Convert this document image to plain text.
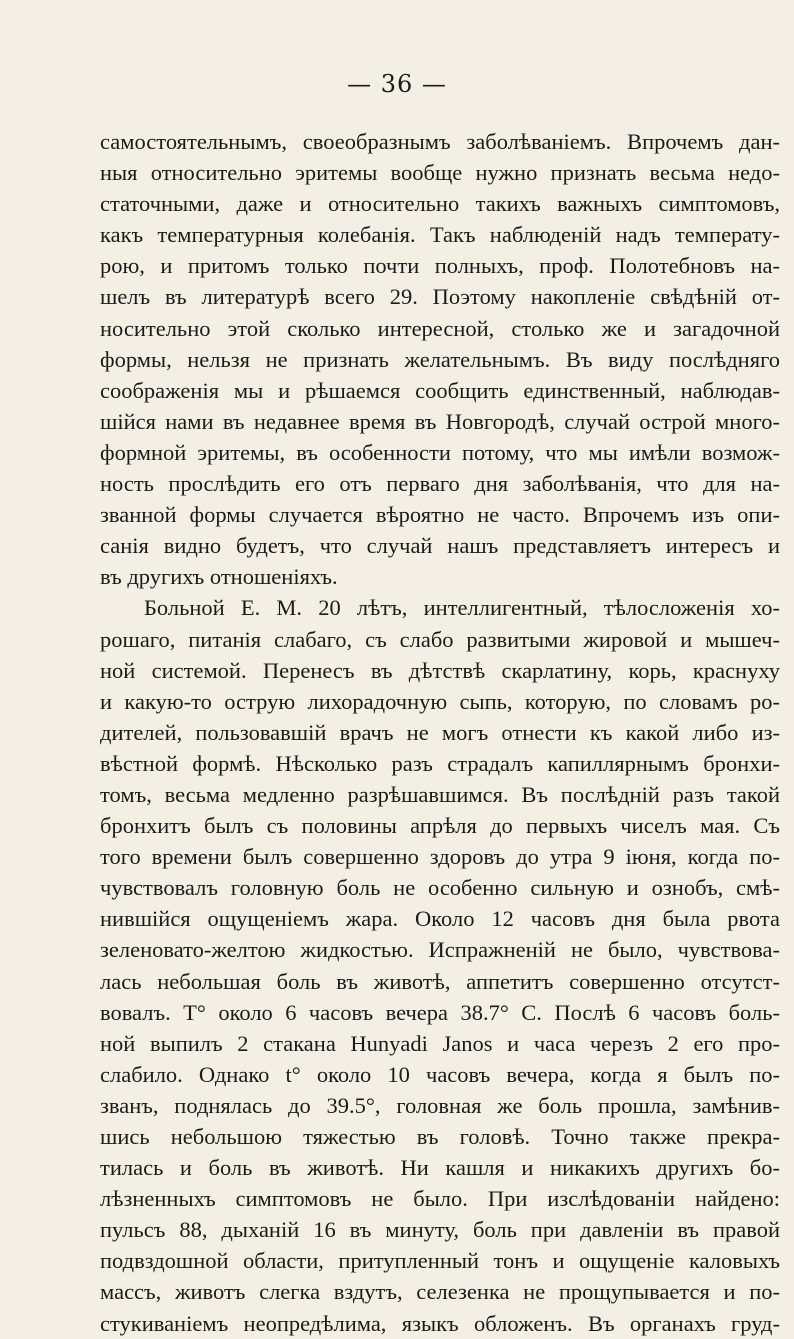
— 36 —
самостоятельнымъ, своеобразнымъ заболѣваніемъ. Впрочемъ дан-
ныя относительно эритемы вообще нужно признать весьма недо-
статочными, даже и относительно такихъ важныхъ симптомовъ,
какъ температурныя колебанія. Такъ наблюденій надъ температу-
рою, и притомъ только почти полныхъ, проф. Полотебновъ на-
шелъ въ литературѣ всего 29. Поэтому накопленіе свѣдѣній от-
носительно этой сколько интересной, столько же и загадочной
формы, нельзя не признать желательнымъ. Въ виду послѣдняго
соображенія мы и рѣшаемся сообщить единственный, наблюдав-
шійся нами въ недавнее время въ Новгородѣ, случай острой много-
формной эритемы, въ особенности потому, что мы имѣли возмож-
ность прослѣдить его отъ перваго дня заболѣванія, что для на-
званной формы случается вѣроятно не часто. Впрочемъ изъ опи-
санія видно будетъ, что случай нашъ представляетъ интересъ и
въ другихъ отношеніяхъ.
Больной Е. М. 20 лѣтъ, интеллигентный, тѣлосложенія хо-
рошаго, питанія слабаго, съ слабо развитыми жировой и мышеч-
ной системой. Перенесъ въ дѣтствѣ скарлатину, корь, краснуху
и какую-то острую лихорадочную сыпь, которую, по словамъ ро-
дителей, пользовавшій врачъ не могъ отнести къ какой либо из-
вѣстной формѣ. Нѣсколько разъ страдалъ капиллярнымъ бронхи-
томъ, весьма медленно разрѣшавшимся. Въ послѣдній разъ такой
бронхитъ былъ съ половины апрѣля до первыхъ чиселъ мая. Съ
того времени былъ совершенно здоровъ до утра 9 іюня, когда по-
чувствовалъ головную боль не особенно сильную и ознобъ, смѣ-
нившійся ощущеніемъ жара. Около 12 часовъ дня была рвота
зеленовато-желтою жидкостью. Испражненій не было, чувствова-
лась небольшая боль въ животѣ, аппетитъ совершенно отсутст-
вовалъ. T° около 6 часовъ вечера 38.7° C. Послѣ 6 часовъ боль-
ной выпилъ 2 стакана Hunyadi Janos и часа черезъ 2 его про-
слабило. Однако t° около 10 часовъ вечера, когда я былъ по-
званъ, поднялась до 39.5°, головная же боль прошла, замѣнив-
шись небольшою тяжестью въ головѣ. Точно также прекра-
тилась и боль въ животѣ. Ни кашля и никакихъ другихъ бо-
лѣзненныхъ симптомовъ не было. При изслѣдованіи найдено:
пульсъ 88, дыханій 16 въ минуту, боль при давленіи въ правой
подвздошной области, притупленный тонъ и ощущеніе каловыхъ
массъ, животъ слегка вздутъ, селезенка не прощупывается и по-
стукиваніемъ неопредѣлима, языкъ обложенъ. Въ органахъ груд-
